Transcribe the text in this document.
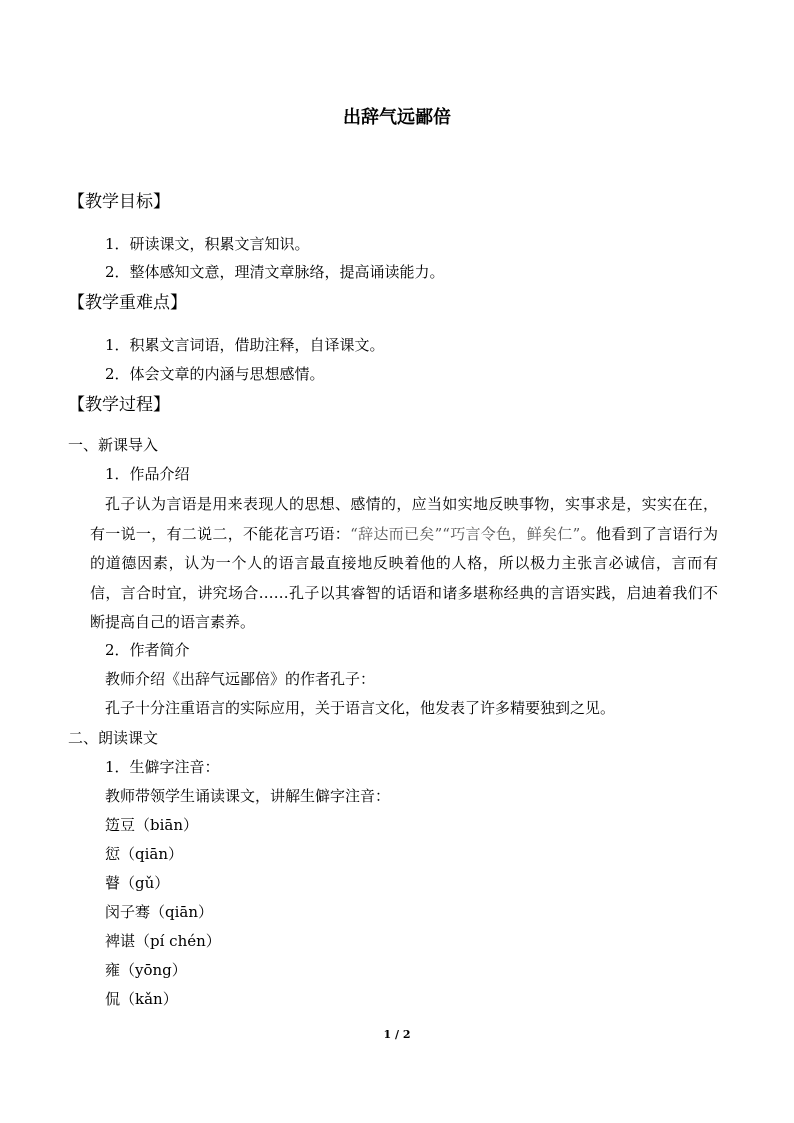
出辞气远鄙倍
【教学目标】
1．研读课文，积累文言知识。
2．整体感知文意，理清文章脉络，提高诵读能力。
【教学重难点】
1．积累文言词语，借助注释，自译课文。
2．体会文章的内涵与思想感情。
【教学过程】
一、新课导入
1．作品介绍
孔子认为言语是用来表现人的思想、感情的，应当如实地反映事物，实事求是，实实在在，有一说一，有二说二，不能花言巧语：“辞达而已矣”“巧言令色，鲜矣仁”。他看到了言语行为的道德因素，认为一个人的语言最直接地反映着他的人格，所以极力主张言必诚信，言而有信，言合时宜，讲究场合……孔子以其睿智的话语和诸多堪称经典的言语实践，启迪着我们不断提高自己的语言素养。
2．作者简介
教师介绍《出辞气远鄙倍》的作者孔子：
孔子十分注重语言的实际应用，关于语言文化，他发表了许多精要独到之见。
二、朗读课文
1．生僻字注音：
教师带领学生诵读课文，讲解生僻字注音：
笾豆（biān）
愆（qiān）
瞽（gǔ）
闵子骞（qiān）
裨谌（pí chén）
雍（yōng）
侃（kǎn）
1 / 2
